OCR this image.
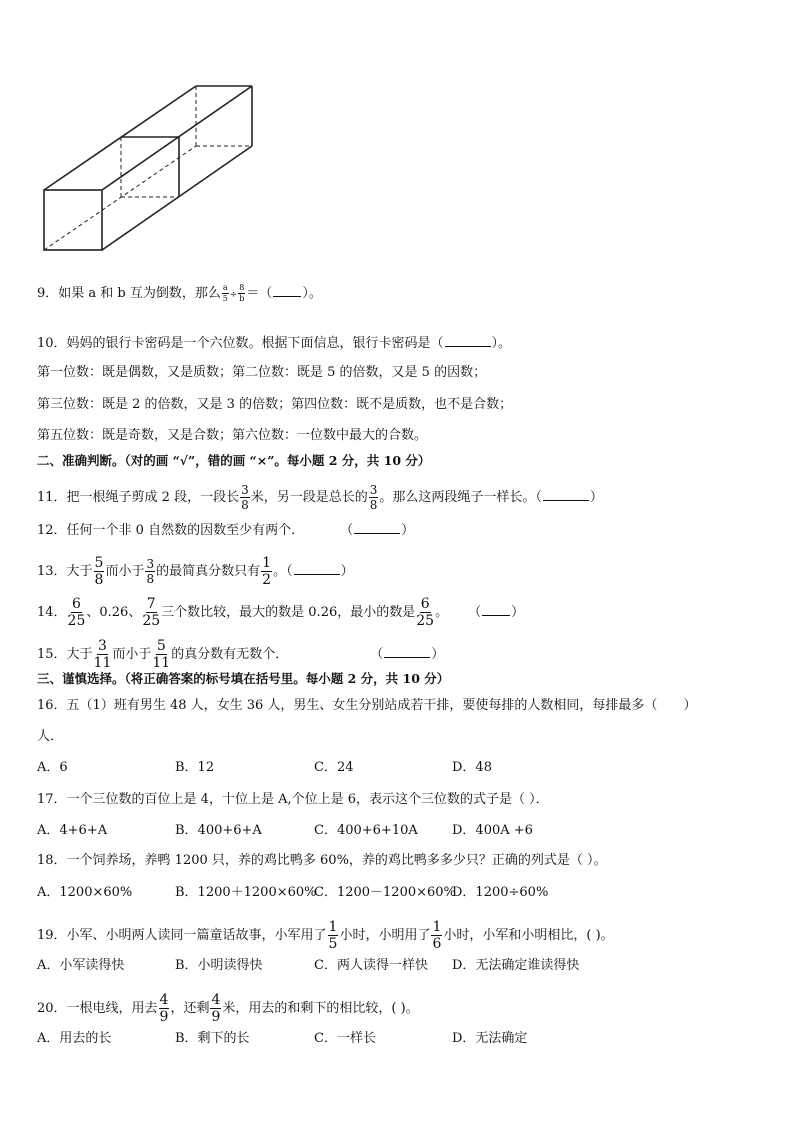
9．如果 a 和 b 互为倒数，那么 $\frac{a}{5} \div \frac{8}{b}$ ＝（ ）。
10．妈妈的银行卡密码是一个六位数。根据下面信息，银行卡密码是（	）。
第一位数：既是偶数，又是质数；第二位数：既是 5 的倍数，又是 5 的因数；
第三位数：既是 2 的倍数，又是 3 的倍数；第四位数：既不是质数，也不是合数；
第五位数：既是奇数，又是合数；第六位数：一位数中最大的合数。
二、准确判断。（对的画 “√”，错的画 “×”。每小题 2 分，共 10 分）
11．把一根绳子剪成 2 段，一段长 $\frac{3}{8}$ 米，另一段是总长的 $\frac{3}{8}$ 。那么这两段绳子一样长。（	）
12．任何一个非 0 自然数的因数至少有两个．	（	）
13．大于 $\frac{5}{8}$ 而小于 $\frac{3}{8}$ 的最简真分数只有 $\frac{1}{2}$ 。（	）
14． $\frac{6}{25}$ 、0.26、 $\frac{7}{25}$ 三个数比较，最大的数是 0.26，最小的数是 $\frac{6}{25}$ 。 （ ）
15．大于 $\frac{3}{11}$ 而小于 $\frac{5}{11}$ 的真分数有无数个．	（	）
三、谨慎选择。（将正确答案的标号填在括号里。每小题 2 分，共 10 分）
16．五（1）班有男生 48 人，女生 36 人，男生、女生分别站成若干排，要使每排的人数相同，每排最多（ ）
人．
A．6	B．12	C．24	D．48
17．一个三位数的百位上是 4，十位上是 A,个位上是 6，表示这个三位数的式子是（ ）．
A．4+6+A	B．400+6+A	C．400+6+10A	D．400A +6
18．一个饲养场，养鸭 1200 只，养的鸡比鸭多 60%，养的鸡比鸭多多少只？正确的列式是（ ）。
A．1200×60%	B．1200＋1200×60%
C．1200－1200×60%
D．1200÷60%
19．小军、小明两人读同一篇童话故事，小军用了 $\frac{1}{5}$ 小时，小明用了 $\frac{1}{6}$ 小时，小军和小明相比，( )。
A．小军读得快	B．小明读得快	C．两人读得一样快 D．无法确定谁读得快
20．一根电线，用去 $\frac{4}{9}$ ，还剩 $\frac{4}{9}$ 米，用去的和剩下的相比较，( )。
A．用去的长	B．剩下的长	C．一样长	D．无法确定
